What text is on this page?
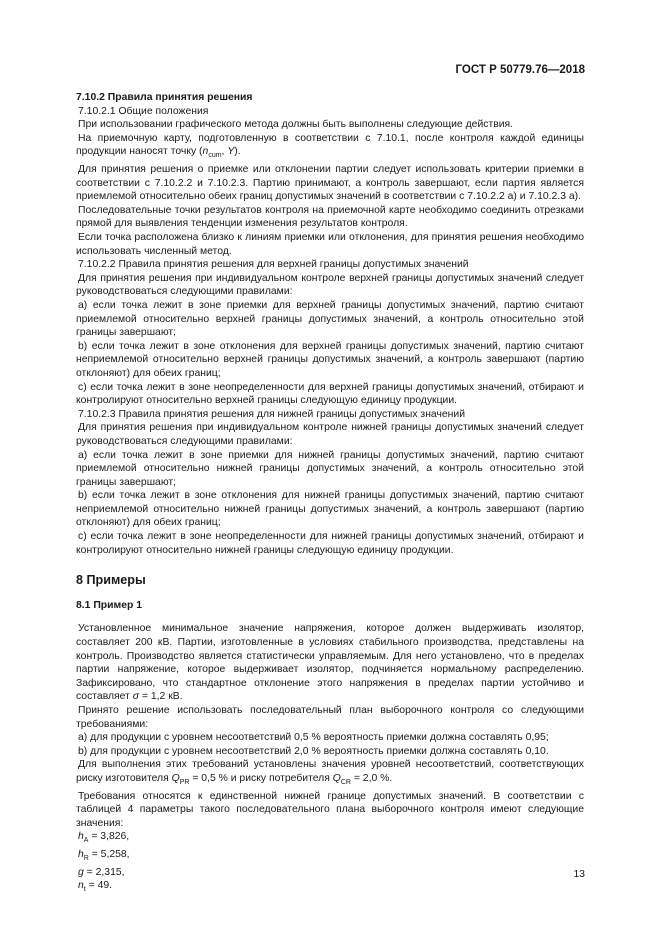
ГОСТ Р 50779.76—2018

7.10.2 Правила принятия решения

7.10.2.1 Общие положения

При использовании графического метода должны быть выполнены следующие действия.

На приемочную карту, подготовленную в соответствии с 7.10.1, после контроля каждой единицы продукции наносят точку ($n_{cum}$, Y).

Для принятия решения о приемке или отклонении партии следует использовать критерии приемки в соответствии с 7.10.2.2 и 7.10.2.3. Партию принимают, а контроль завершают, если партия является приемлемой относительно обеих границ допустимых значений в соответствии с 7.10.2.2 а) и 7.10.2.3 а).

Последовательные точки результатов контроля на приемочной карте необходимо соединить отрезками прямой для выявления тенденции изменения результатов контроля.

Если точка расположена близко к линиям приемки или отклонения, для принятия решения необходимо использовать численный метод.

7.10.2.2 Правила принятия решения для верхней границы допустимых значений

Для принятия решения при индивидуальном контроле верхней границы допустимых значений следует руководствоваться следующими правилами:

а) если точка лежит в зоне приемки для верхней границы допустимых значений, партию считают приемлемой относительно верхней границы допустимых значений, а контроль относительно этой границы завершают;

b) если точка лежит в зоне отклонения для верхней границы допустимых значений, партию считают неприемлемой относительно верхней границы допустимых значений, а контроль завершают (партию отклоняют) для обеих границ;

c) если точка лежит в зоне неопределенности для верхней границы допустимых значений, отбирают и контролируют относительно верхней границы следующую единицу продукции.

7.10.2.3 Правила принятия решения для нижней границы допустимых значений

Для принятия решения при индивидуальном контроле нижней границы допустимых значений следует руководствоваться следующими правилами:

а) если точка лежит в зоне приемки для нижней границы допустимых значений, партию считают приемлемой относительно нижней границы допустимых значений, а контроль относительно этой границы завершают;

b) если точка лежит в зоне отклонения для нижней границы допустимых значений, партию считают неприемлемой относительно нижней границы допустимых значений, а контроль завершают (партию отклоняют) для обеих границ;

c) если точка лежит в зоне неопределенности для нижней границы допустимых значений, отбирают и контролируют относительно нижней границы следующую единицу продукции.

8 Примеры

8.1 Пример 1

Установленное минимальное значение напряжения, которое должен выдерживать изолятор, составляет 200 кВ. Партии, изготовленные в условиях стабильного производства, представлены на контроль. Производство является статистически управляемым. Для него установлено, что в пределах партии напряжение, которое выдерживает изолятор, подчиняется нормальному распределению. Зафиксировано, что стандартное отклонение этого напряжения в пределах партии устойчиво и составляет σ = 1,2 кВ.

Принято решение использовать последовательный план выборочного контроля со следующими требованиями:

а) для продукции с уровнем несоответствий 0,5 % вероятность приемки должна составлять 0,95;

b) для продукции с уровнем несоответствий 2,0 % вероятность приемки должна составлять 0,10.

Для выполнения этих требований установлены значения уровней несоответствий, соответствующих риску изготовителя $Q_{PR} = 0,5$ % и риску потребителя $Q_{CR} = 2,0$ %.

Требования относятся к единственной нижней границе допустимых значений. В соответствии с таблицей 4 параметры такого последовательного плана выборочного контроля имеют следующие значения:

$h_A = 3,826$,

$h_R = 5,258$,

g = 2,315,

$n_t = 49$.

13
